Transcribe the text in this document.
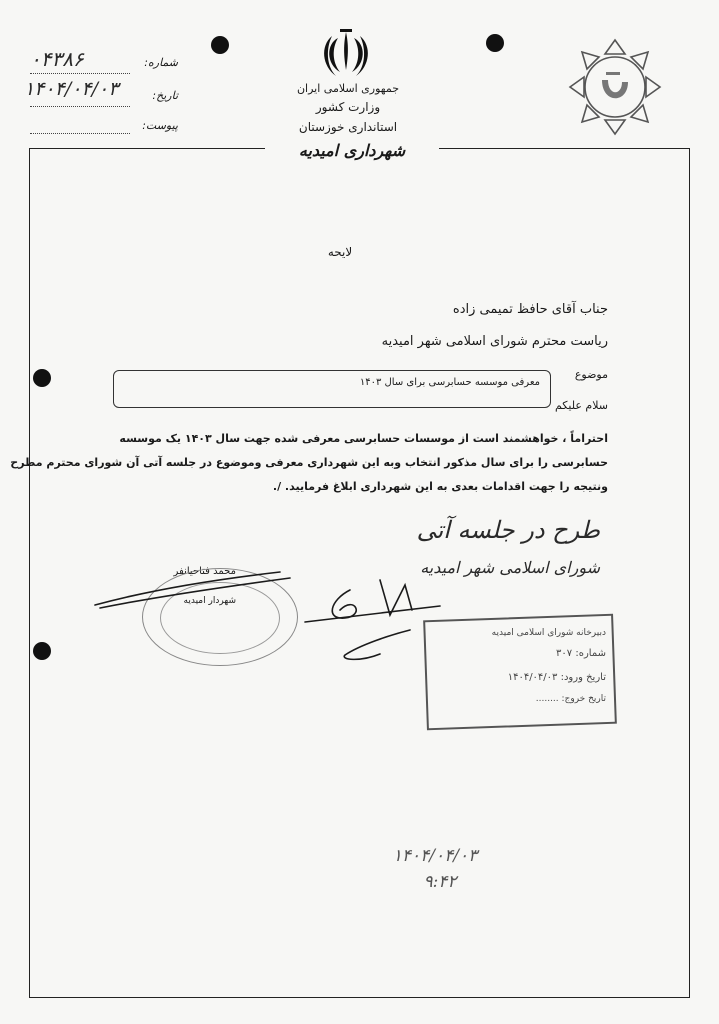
جمهوری اسلامی ایران
وزارت کشور
استانداری خوزستان
شهرداری امیدیه
شماره:
۰۴۳۸۶
تاریخ:
۱۴۰۴/۰۴/۰۳
پیوست:
لایحه
جناب آقای حافظ تمیمی زاده
ریاست محترم شورای اسلامی شهر امیدیه
موضوع
معرفی موسسه حسابرسی برای سال ۱۴۰۳
سلام علیکم
احتراماً ، خواهشمند است از موسسات حسابرسی معرفی شده جهت سال ۱۴۰۳ یک موسسه
حسابرسی را برای سال مذکور انتخاب وبه این شهرداری معرفی وموضوع در جلسه آتی آن شورای محترم مطرح
ونتیجه را جهت اقدامات بعدی به این شهرداری ابلاغ فرمایید. /.
طرح در جلسه آتی
شورای اسلامی شهر امیدیه
محمد فتاحیانفر
شهردار امیدیه
دبیرخانه شورای اسلامی امیدیه
شماره: ۳۰۷
تاریخ ورود: ۱۴۰۴/۰۴/۰۳
تاریخ خروج: ........
۱۴۰۴/۰۴/۰۳
۹:۴۲
